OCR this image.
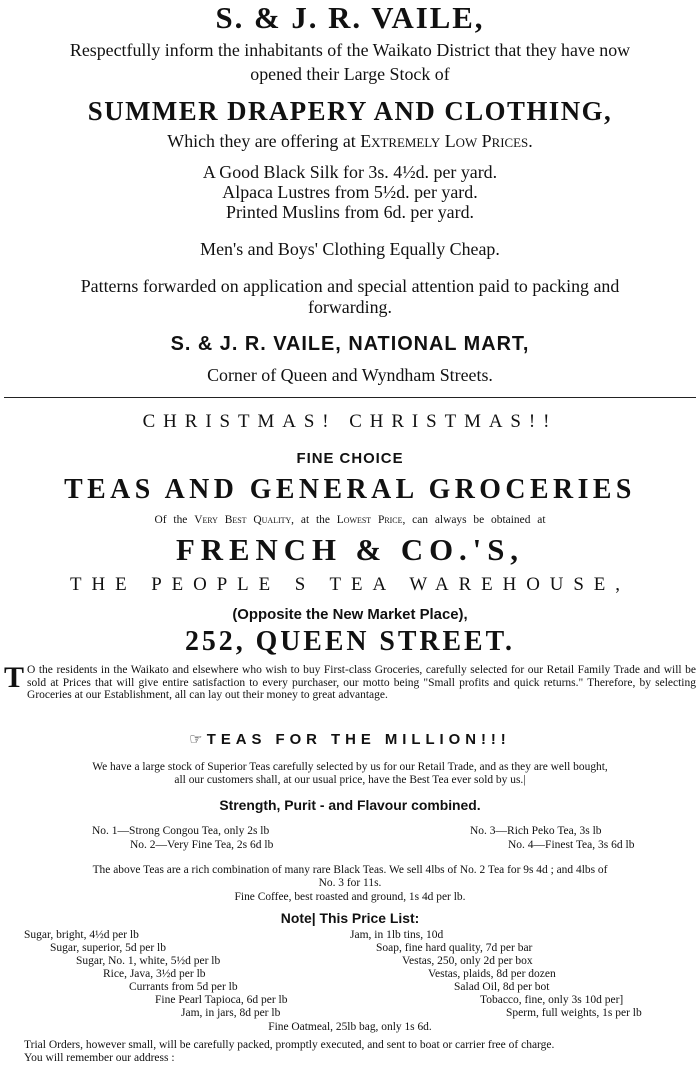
S. & J. R. VAILE,
Respectfully inform the inhabitants of the Waikato District that they have now
opened their Large Stock of
SUMMER DRAPERY AND CLOTHING,
Which they are offering at Extremely Low Prices.
A Good Black Silk for 3s. 4½d. per yard.
Alpaca Lustres from 5½d. per yard.
Printed Muslins from 6d. per yard.
Men's and Boys' Clothing Equally Cheap.
Patterns forwarded on application and special attention paid to packing and
forwarding.
S. & J. R. VAILE, NATIONAL MART,
Corner of Queen and Wyndham Streets.
CHRISTMAS! CHRISTMAS!!
FINE CHOICE
TEAS AND GENERAL GROCERIES
Of the Very Best Quality, at the Lowest Price, can always be obtained at
FRENCH & CO.'S,
THE PEOPLE S TEA WAREHOUSE,
(Opposite the New Market Place),
252, QUEEN STREET.
T O the residents in the Waikato and elsewhere who wish to buy First-class Groceries, carefully selected for our Retail Family Trade and will be sold at Prices that will give entire satisfaction to every purchaser, our motto being "Small profits and quick returns." Therefore, by selecting Groceries at our Establishment, all can lay out their money to great advantage.
☞ TEAS FOR THE MILLION!!!
We have a large stock of Superior Teas carefully selected by us for our Retail Trade, and as they are well bought,
all our customers shall, at our usual price, have the Best Tea ever sold by us.|
Strength, Purit - and Flavour combined.
No. 1—Strong Congou Tea, only 2s lb
No. 2—Very Fine Tea, 2s 6d lb
No. 3—Rich Peko Tea, 3s lb
No. 4—Finest Tea, 3s 6d lb
The above Teas are a rich combination of many rare Black Teas. We sell 4lbs of No. 2 Tea for 9s 4d ; and 4lbs of
No. 3 for 11s.
Fine Coffee, best roasted and ground, 1s 4d per lb.
Note| This Price List:
Sugar, bright, 4½d per lb
Sugar, superior, 5d per lb
Sugar, No. 1, white, 5½d per lb
Rice, Java, 3½d per lb
Currants from 5d per lb
Fine Pearl Tapioca, 6d per lb
Jam, in jars, 8d per lb
Jam, in 1lb tins, 10d
Soap, fine hard quality, 7d per bar
Vestas, 250, only 2d per box
Vestas, plaids, 8d per dozen
Salad Oil, 8d per bot
Tobacco, fine, only 3s 10d per]
Sperm, full weights, 1s per lb
Fine Oatmeal, 25lb bag, only 1s 6d.
Trial Orders, however small, will be carefully packed, promptly executed, and sent to boat or carrier free of charge.
You will remember our address :
